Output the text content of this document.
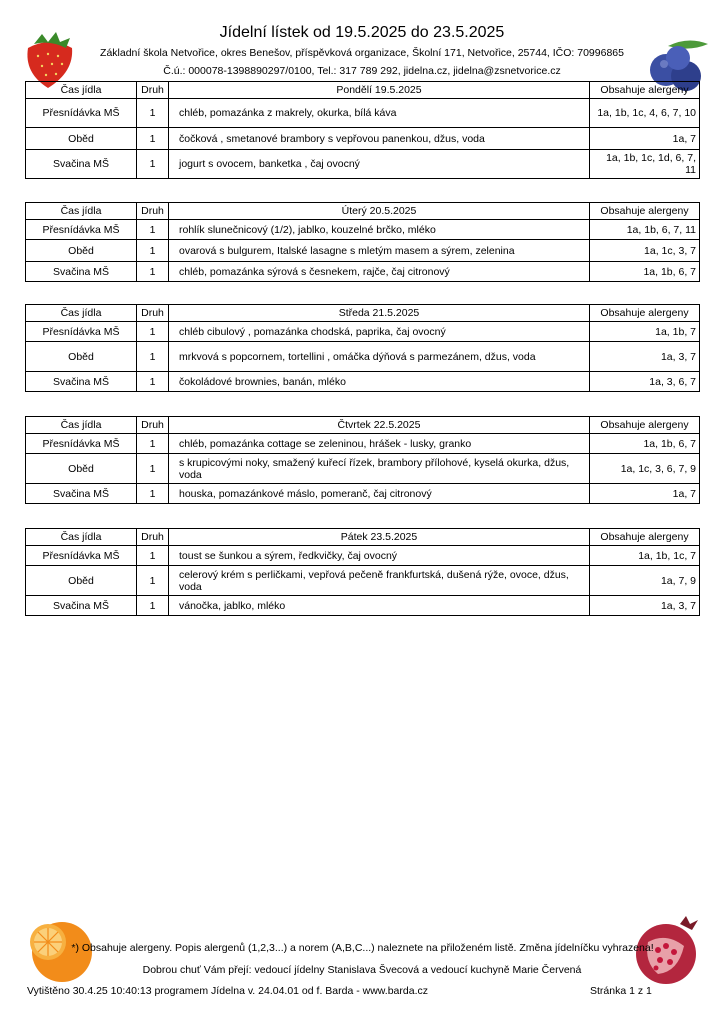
Jídelní lístek od 19.5.2025 do 23.5.2025
Základní škola Netvořice, okres Benešov, příspěvková organizace, Školní 171, Netvořice, 25744, IČO: 70996865
Č.ú.: 000078-1398890297/0100, Tel.: 317 789 292, jidelna.cz, jidelna@zsnetvorice.cz
Čas jídla	Druh	Pondělí 19.5.2025	Obsahuje alergeny
Přesnídávka MŠ	1	chléb, pomazánka z makrely, okurka, bílá káva	1a, 1b, 1c, 4, 6, 7, 10
Oběd	1	čočková , smetanové brambory s vepřovou panenkou, džus, voda	1a, 7
Svačina MŠ	1	jogurt s ovocem, banketka , čaj ovocný	1a, 1b, 1c, 1d, 6, 7, 11
Čas jídla	Druh	Úterý 20.5.2025	Obsahuje alergeny
Přesnídávka MŠ	1	rohlík slunečnicový (1/2), jablko, kouzelné brčko, mléko	1a, 1b, 6, 7, 11
Oběd	1	ovarová s bulgurem, Italské lasagne s mletým masem a sýrem, zelenina	1a, 1c, 3, 7
Svačina MŠ	1	chléb, pomazánka sýrová s česnekem, rajče, čaj citronový	1a, 1b, 6, 7
Čas jídla	Druh	Středa 21.5.2025	Obsahuje alergeny
Přesnídávka MŠ	1	chléb cibulový , pomazánka chodská, paprika, čaj ovocný	1a, 1b, 7
Oběd	1	mrkvová s popcornem, tortellini , omáčka dýňová s parmezánem, džus, voda	1a, 3, 7
Svačina MŠ	1	čokoládové brownies, banán, mléko	1a, 3, 6, 7
Čas jídla	Druh	Čtvrtek 22.5.2025	Obsahuje alergeny
Přesnídávka MŠ	1	chléb, pomazánka cottage se zeleninou, hrášek - lusky, granko	1a, 1b, 6, 7
Oběd	1	s krupicovými noky, smažený kuřecí řízek, brambory přílohové, kyselá okurka, džus, voda	1a, 1c, 3, 6, 7, 9
Svačina MŠ	1	houska, pomazánkové máslo, pomeranč, čaj citronový	1a, 7
Čas jídla	Druh	Pátek 23.5.2025	Obsahuje alergeny
Přesnídávka MŠ	1	toust se šunkou a sýrem, ředkvičky, čaj ovocný	1a, 1b, 1c, 7
Oběd	1	celerový krém s perličkami, vepřová pečeně frankfurtská, dušená rýže, ovoce, džus, voda	1a, 7, 9
Svačina MŠ	1	vánočka, jablko, mléko	1a, 3, 7
*) Obsahuje alergeny. Popis alergenů (1,2,3...) a norem (A,B,C...) naleznete na přiloženém listě. Změna jídelníčku vyhrazena!
Dobrou chuť Vám přejí: vedoucí jídelny Stanislava Švecová a vedoucí kuchyně Marie Červená
Vytištěno 30.4.25 10:40:13 programem Jídelna v. 24.04.01 od f. Barda - www.barda.cz	Stránka 1 z 1
